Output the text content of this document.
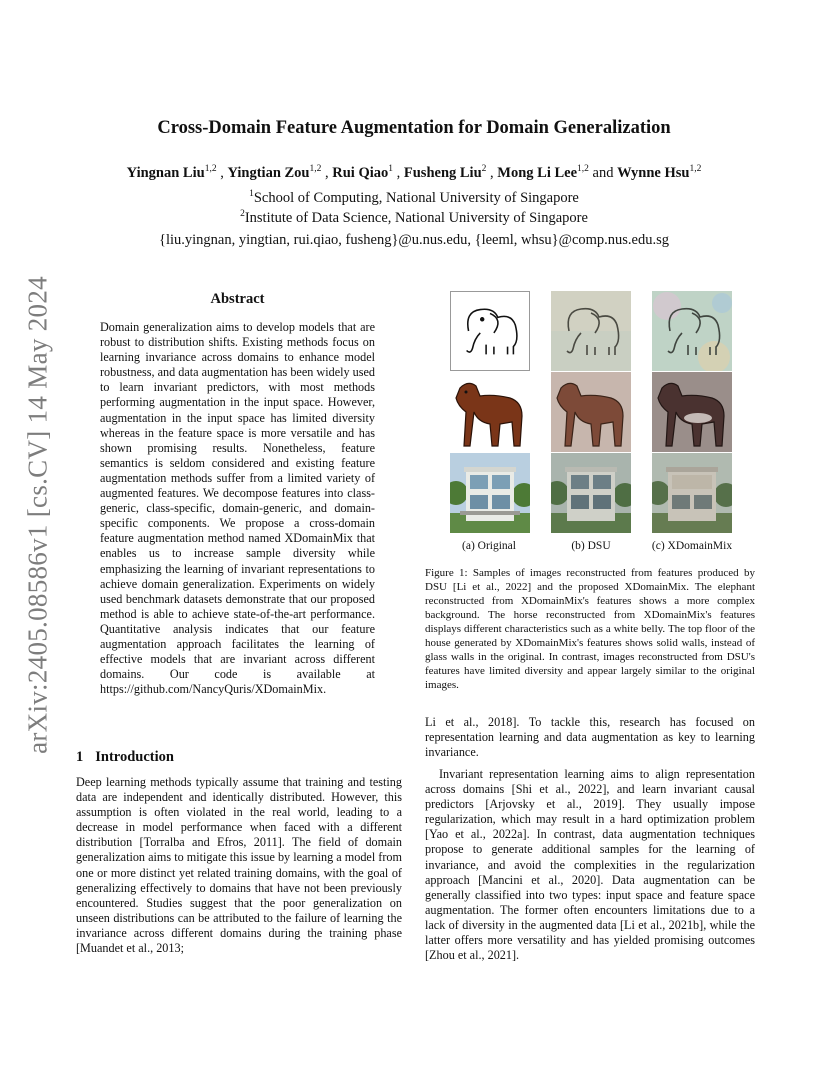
arXiv:2405.08586v1 [cs.CV] 14 May 2024
Cross-Domain Feature Augmentation for Domain Generalization
Yingnan Liu$^{1,2}$ , Yingtian Zou$^{1,2}$ , Rui Qiao$^1$ , Fusheng Liu$^2$ , Mong Li Lee$^{1,2}$ and Wynne Hsu$^{1,2}$
$^1$School of Computing, National University of Singapore
$^2$Institute of Data Science, National University of Singapore
{liu.yingnan, yingtian, rui.qiao, fusheng}@u.nus.edu, {leeml, whsu}@comp.nus.edu.sg
Abstract

Domain generalization aims to develop models that are robust to distribution shifts. Existing methods focus on learning invariance across domains to enhance model robustness, and data augmentation has been widely used to learn invariant predictors, with most methods performing augmentation in the input space. However, augmentation in the input space has limited diversity whereas in the feature space is more versatile and has shown promising results. Nonetheless, feature semantics is seldom considered and existing feature augmentation methods suffer from a limited variety of augmented features. We decompose features into class-generic, class-specific, domain-generic, and domain-specific components. We propose a cross-domain feature augmentation method named XDomainMix that enables us to increase sample diversity while emphasizing the learning of invariant representations to achieve domain generalization. Experiments on widely used benchmark datasets demonstrate that our proposed method is able to achieve state-of-the-art performance. Quantitative analysis indicates that our feature augmentation approach facilitates the learning of effective models that are invariant across different domains. Our code is available at https://github.com/NancyQuris/XDomainMix.

1 Introduction

Deep learning methods typically assume that training and testing data are independent and identically distributed. However, this assumption is often violated in the real world, leading to a decrease in model performance when faced with a different distribution [Torralba and Efros, 2011]. The field of domain generalization aims to mitigate this issue by learning a model from one or more distinct yet related training domains, with the goal of generalizing effectively to domains that have not been previously encountered. Studies suggest that the poor generalization on unseen distributions can be attributed to the failure of learning the invariance across different domains during the training phase [Muandet et al., 2013;

(a) Original	(b) DSU	(c) XDomainMix

Figure 1: Samples of images reconstructed from features produced by DSU [Li et al., 2022] and the proposed XDomainMix. The elephant reconstructed from XDomainMix's features shows a more complex background. The horse reconstructed from XDomainMix's features displays different characteristics such as a white belly. The top floor of the house generated by XDomainMix's features shows solid walls, instead of glass walls in the original. In contrast, images reconstructed from DSU's features have limited diversity and appear largely similar to the original images.

Li et al., 2018]. To tackle this, research has focused on representation learning and data augmentation as key to learning invariance.

Invariant representation learning aims to align representation across domains [Shi et al., 2022], and learn invariant causal predictors [Arjovsky et al., 2019]. They usually impose regularization, which may result in a hard optimization problem [Yao et al., 2022a]. In contrast, data augmentation techniques propose to generate additional samples for the learning of invariance, and avoid the complexities in the regularization approach [Mancini et al., 2020]. Data augmentation can be generally classified into two types: input space and feature space augmentation. The former often encounters limitations due to a lack of diversity in the augmented data [Li et al., 2021b], while the latter offers more versatility and has yielded promising outcomes [Zhou et al., 2021].
